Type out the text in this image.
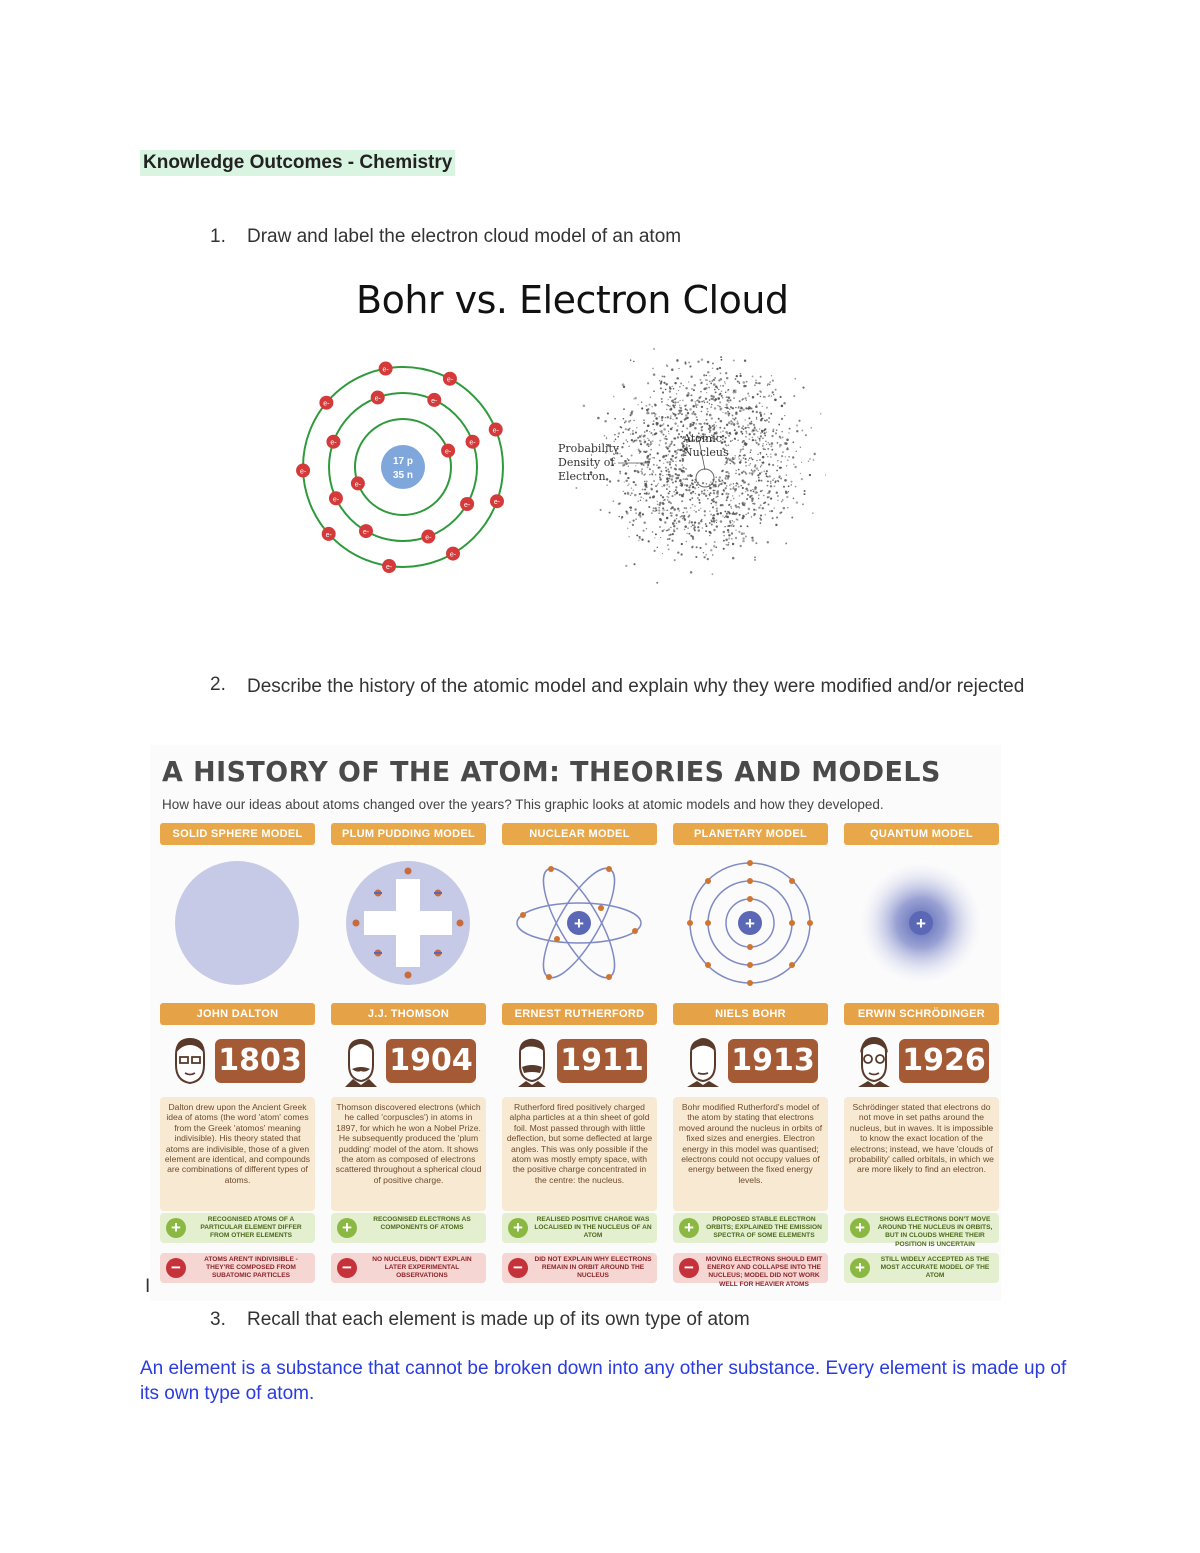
Knowledge Outcomes - Chemistry
1. Draw and label the electron cloud model of an atom
Bohr vs. Electron Cloud
17 p
35 n
e-
e-
e-
e-
e-
e-	e-
e-
e-
e-
e-
e-
e-
e-
e-
e-
e-
e-
e-
Probability
Density of
Electron
Atomic
Nucleus
2. Describe the history of the atomic model and explain why they were modified and/or rejected
A HISTORY OF THE ATOM: THEORIES AND MODELS
How have our ideas about atoms changed over the years? This graphic looks at atomic models and how they developed.
SOLID SPHERE MODEL
JOHN DALTON
1803
Dalton drew upon the Ancient Greek idea of atoms (the word 'atom' comes from the Greek 'atomos' meaning indivisible). His theory stated that atoms are indivisible, those of a given element are identical, and compounds are combinations of different types of atoms.
+	RECOGNISED ATOMS OF A PARTICULAR ELEMENT DIFFER FROM OTHER ELEMENTS
−	ATOMS AREN'T INDIVISIBLE - THEY'RE COMPOSED FROM SUBATOMIC PARTICLES
PLUM PUDDING MODEL
J.J. THOMSON
1904
Thomson discovered electrons (which he called 'corpuscles') in atoms in 1897, for which he won a Nobel Prize. He subsequently produced the 'plum pudding' model of the atom. It shows the atom as composed of electrons scattered throughout a spherical cloud of positive charge.
+	RECOGNISED ELECTRONS AS COMPONENTS OF ATOMS
−	NO NUCLEUS, DIDN'T EXPLAIN LATER EXPERIMENTAL OBSERVATIONS
NUCLEAR MODEL
+
ERNEST RUTHERFORD
1911
Rutherford fired positively charged alpha particles at a thin sheet of gold foil. Most passed through with little deflection, but some deflected at large angles. This was only possible if the atom was mostly empty space, with the positive charge concentrated in the centre: the nucleus.
+	REALISED POSITIVE CHARGE WAS LOCALISED IN THE NUCLEUS OF AN ATOM
−	DID NOT EXPLAIN WHY ELECTRONS REMAIN IN ORBIT AROUND THE NUCLEUS
PLANETARY MODEL
+
NIELS BOHR
1913
Bohr modified Rutherford's model of the atom by stating that electrons moved around the nucleus in orbits of fixed sizes and energies. Electron energy in this model was quantised; electrons could not occupy values of energy between the fixed energy levels.
+	PROPOSED STABLE ELECTRON ORBITS; EXPLAINED THE EMISSION SPECTRA OF SOME ELEMENTS
−	MOVING ELECTRONS SHOULD EMIT ENERGY AND COLLAPSE INTO THE NUCLEUS; MODEL DID NOT WORK WELL FOR HEAVIER ATOMS
QUANTUM MODEL
+
ERWIN SCHRÖDINGER
1926
Schrödinger stated that electrons do not move in set paths around the nucleus, but in waves. It is impossible to know the exact location of the electrons; instead, we have 'clouds of probability' called orbitals, in which we are more likely to find an electron.
+	SHOWS ELECTRONS DON'T MOVE AROUND THE NUCLEUS IN ORBITS, BUT IN CLOUDS WHERE THEIR POSITION IS UNCERTAIN
+	STILL WIDELY ACCEPTED AS THE MOST ACCURATE MODEL OF THE ATOM
I
3. Recall that each element is made up of its own type of atom
An element is a substance that cannot be broken down into any other substance. Every element is made up of its own type of atom.
